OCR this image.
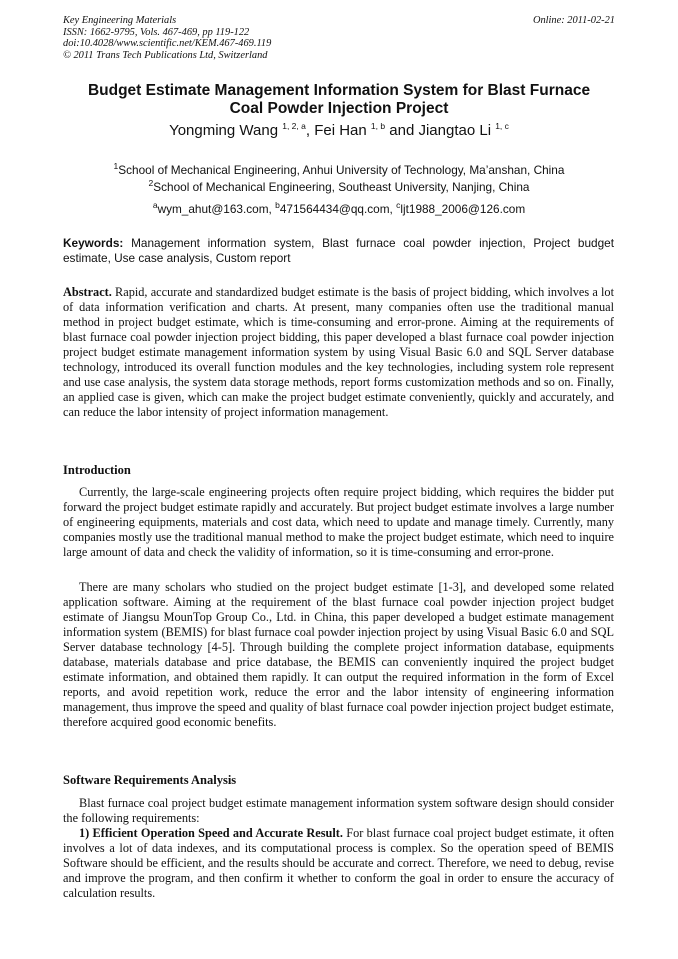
Key Engineering Materials
ISSN: 1662-9795, Vols. 467-469, pp 119-122
doi:10.4028/www.scientific.net/KEM.467-469.119
© 2011 Trans Tech Publications Ltd, Switzerland
Online: 2011-02-21
Budget Estimate Management Information System for Blast Furnace
Coal Powder Injection Project
Yongming Wang $^{1, 2, a}$, Fei Han $^{1, b}$ and Jiangtao Li $^{1, c}$
$^1$School of Mechanical Engineering, Anhui University of Technology, Ma’anshan, China
$^2$School of Mechanical Engineering, Southeast University, Nanjing, China
$^a$wym_ahut@163.com, $^b$471564434@qq.com, $^c$ljt1988_2006@126.com
Keywords: Management information system, Blast furnace coal powder injection, Project budget estimate, Use case analysis, Custom report
Abstract. Rapid, accurate and standardized budget estimate is the basis of project bidding, which involves a lot of data information verification and charts. At present, many companies often use the traditional manual method in project budget estimate, which is time-consuming and error-prone. Aiming at the requirements of blast furnace coal powder injection project bidding, this paper developed a blast furnace coal powder injection project budget estimate management information system by using Visual Basic 6.0 and SQL Server database technology, introduced its overall function modules and the key technologies, including system role represent and use case analysis, the system data storage methods, report forms customization methods and so on. Finally, an applied case is given, which can make the project budget estimate conveniently, quickly and accurately, and can reduce the labor intensity of project information management.
Introduction
Currently, the large-scale engineering projects often require project bidding, which requires the bidder put forward the project budget estimate rapidly and accurately. But project budget estimate involves a large number of engineering equipments, materials and cost data, which need to update and manage timely. Currently, many companies mostly use the traditional manual method to make the project budget estimate, which need to inquire large amount of data and check the validity of information, so it is time-consuming and error-prone.
There are many scholars who studied on the project budget estimate [1-3], and developed some related application software. Aiming at the requirement of the blast furnace coal powder injection project budget estimate of Jiangsu MounTop Group Co., Ltd. in China, this paper developed a budget estimate management information system (BEMIS) for blast furnace coal powder injection project by using Visual Basic 6.0 and SQL Server database technology [4-5]. Through building the complete project information database, equipments database, materials database and price database, the BEMIS can conveniently inquired the project budget estimate information, and obtained them rapidly. It can output the required information in the form of Excel reports, and avoid repetition work, reduce the error and the labor intensity of engineering information management, thus improve the speed and quality of blast furnace coal powder injection project budget estimate, therefore acquired good economic benefits.
Software Requirements Analysis
Blast furnace coal project budget estimate management information system software design should consider the following requirements:
1) Efficient Operation Speed and Accurate Result. For blast furnace coal project budget estimate, it often involves a lot of data indexes, and its computational process is complex. So the operation speed of BEMIS Software should be efficient, and the results should be accurate and correct. Therefore, we need to debug, revise and improve the program, and then confirm it whether to conform the goal in order to ensure the accuracy of calculation results.
